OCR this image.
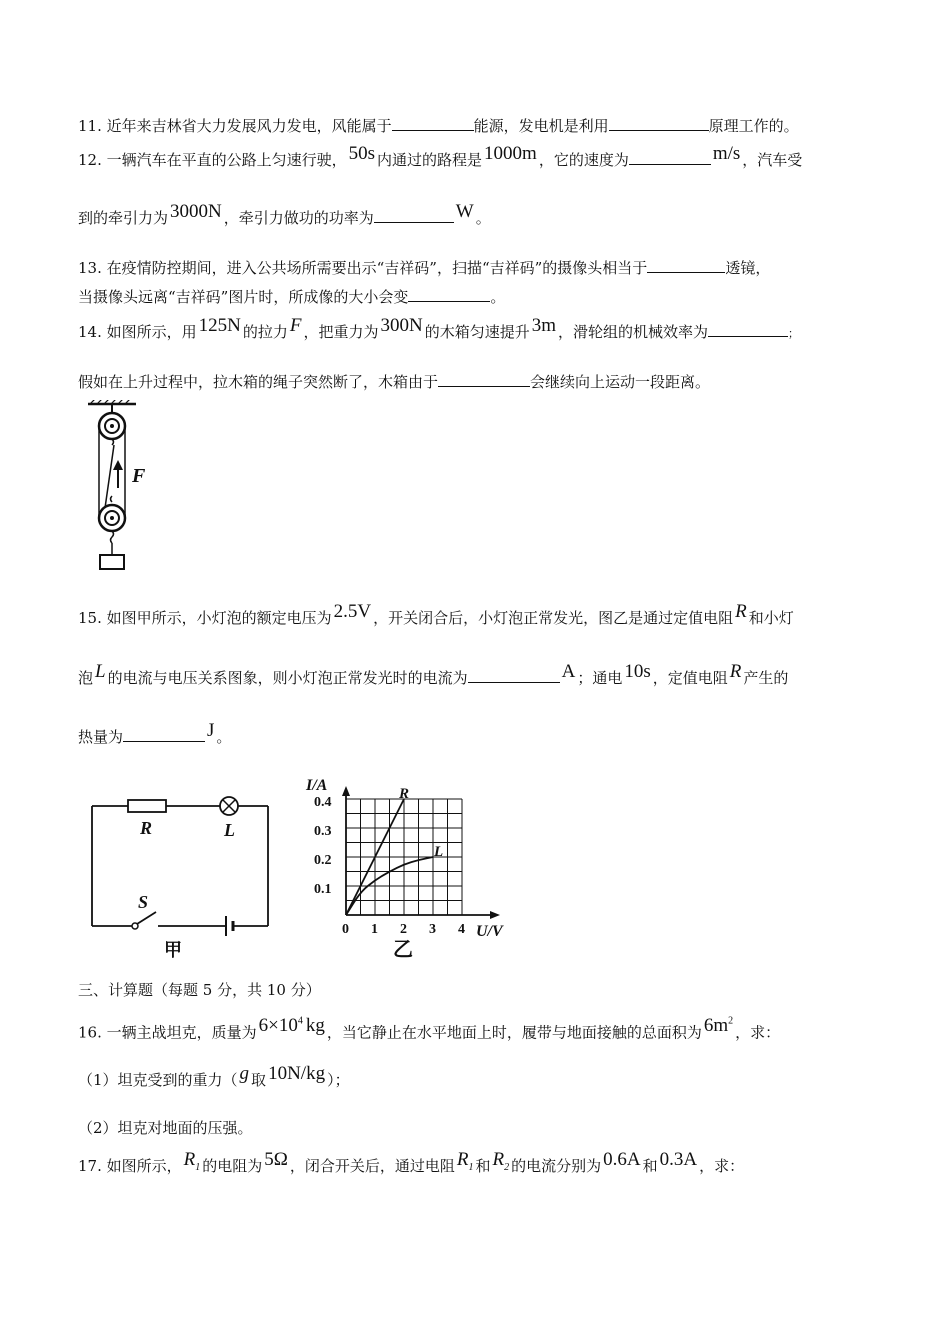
11. 近年来吉林省大力发展风力发电，风能属于	能源，发电机是利用	原理工作的。
12. 一辆汽车在平直的公路上匀速行驶， 50s 内通过的路程是 1000m ，它的速度为	m/s ，汽车受
到的牵引力为 3000N ，牵引力做功的功率为	W 。
13. 在疫情防控期间，进入公共场所需要出示“吉祥码”，扫描“吉祥码”的摄像头相当于	透镜，
当摄像头远离“吉祥码”图片时，所成像的大小会变	。
14. 如图所示，用 125N 的拉力 F ，把重力为 300N 的木箱匀速提升 3m ，滑轮组的机械效率为	；
假如在上升过程中，拉木箱的绳子突然断了，木箱由于	会继续向上运动一段距离。
F
15. 如图甲所示，小灯泡的额定电压为 2.5V ，开关闭合后，小灯泡正常发光，图乙是通过定值电阻 R 和小灯
泡 L 的电流与电压关系图象，则小灯泡正常发光时的电流为	A ；通电 10s ，定值电阻 R 产生的
热量为	J 。
R	L
S
甲
I/A
U/V
0.4
0.3
0.2
0.1
0 1 2 3 4
R
L
乙
三、计算题（每题 5 分，共 10 分）
16. 一辆主战坦克，质量为 $6\times 10^4$ kg ，当它静止在水平地面上时，履带与地面接触的总面积为 $6m^2$，求：
（1）坦克受到的重力（ g 取 10N/kg ）；
（2）坦克对地面的压强。
17. 如图所示， $R_1$ 的电阻为 5Ω ，闭合开关后，通过电阻 $R_1$ 和 $R_2$ 的电流分别为 0.6A 和 0.3A ，求：
